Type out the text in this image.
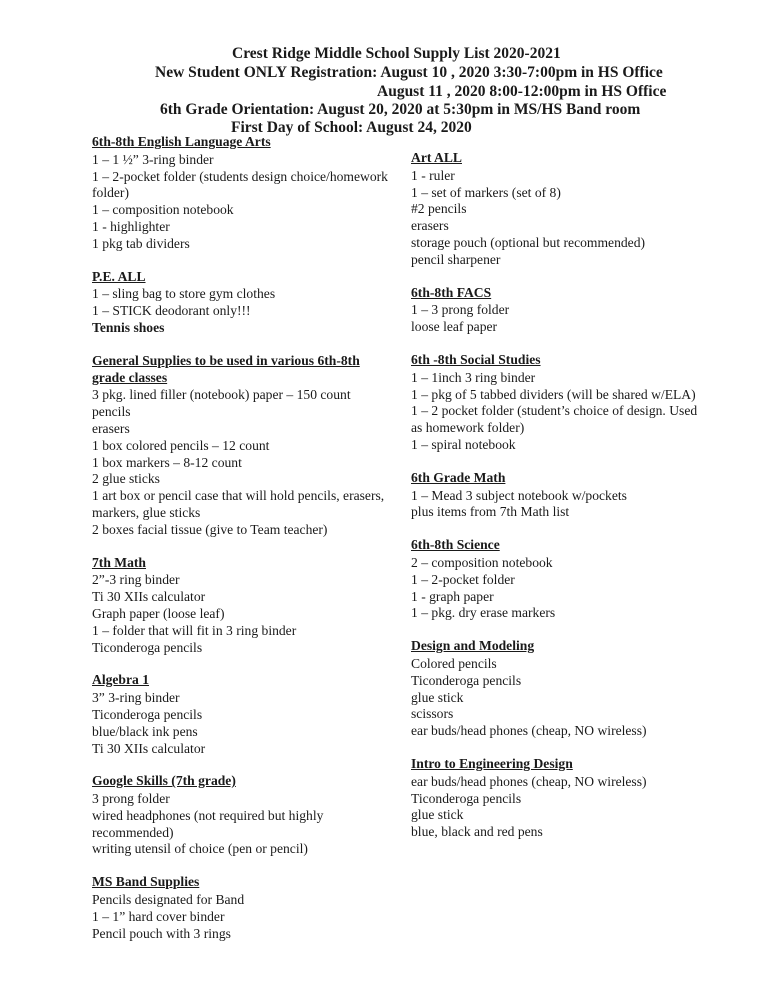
Crest Ridge Middle School Supply List 2020-2021
New Student ONLY Registration: August 10 , 2020 3:30-7:00pm in HS Office
August 11 , 2020 8:00-12:00pm in HS Office
6th Grade Orientation: August 20, 2020 at 5:30pm in MS/HS Band room
First Day of School: August 24, 2020
6th-8th English Language Arts
1 – 1 ½” 3-ring binder
1 – 2-pocket folder (students design choice/homework folder)
1 – composition notebook
1 - highlighter
1 pkg tab dividers
P.E. ALL
1 – sling bag to store gym clothes
1 – STICK deodorant only!!!
Tennis shoes
General Supplies to be used in various 6th-8th grade classes
3 pkg. lined filler (notebook) paper – 150 count
pencils
erasers
1 box colored pencils – 12 count
1 box markers – 8-12 count
2 glue sticks
1 art box or pencil case that will hold pencils, erasers, markers, glue sticks
2 boxes facial tissue (give to Team teacher)
7th Math
2”-3 ring binder
Ti 30 XIIs calculator
Graph paper (loose leaf)
1 – folder that will fit in 3 ring binder
Ticonderoga pencils
Algebra 1
3” 3-ring binder
Ticonderoga pencils
blue/black ink pens
Ti 30 XIIs calculator
Google Skills (7th grade)
3 prong folder
wired headphones (not required but highly recommended)
writing utensil of choice (pen or pencil)
MS Band Supplies
Pencils designated for Band
1 – 1” hard cover binder
Pencil pouch with 3 rings
Art ALL
1 - ruler
1 – set of markers (set of 8)
#2 pencils
erasers
storage pouch (optional but recommended)
pencil sharpener
6th-8th FACS
1 – 3 prong folder
loose leaf paper
6th -8th Social Studies
1 – 1inch 3 ring binder
1 – pkg of 5 tabbed dividers (will be shared w/ELA)
1 – 2 pocket folder (student’s choice of design. Used as homework folder)
1 – spiral notebook
6th Grade Math
1 – Mead 3 subject notebook w/pockets
plus items from 7th Math list
6th-8th Science
2 – composition notebook
1 – 2-pocket folder
1 - graph paper
1 – pkg. dry erase markers
Design and Modeling
Colored pencils
Ticonderoga pencils
glue stick
scissors
ear buds/head phones (cheap, NO wireless)
Intro to Engineering Design
ear buds/head phones (cheap, NO wireless)
Ticonderoga pencils
glue stick
blue, black and red pens
